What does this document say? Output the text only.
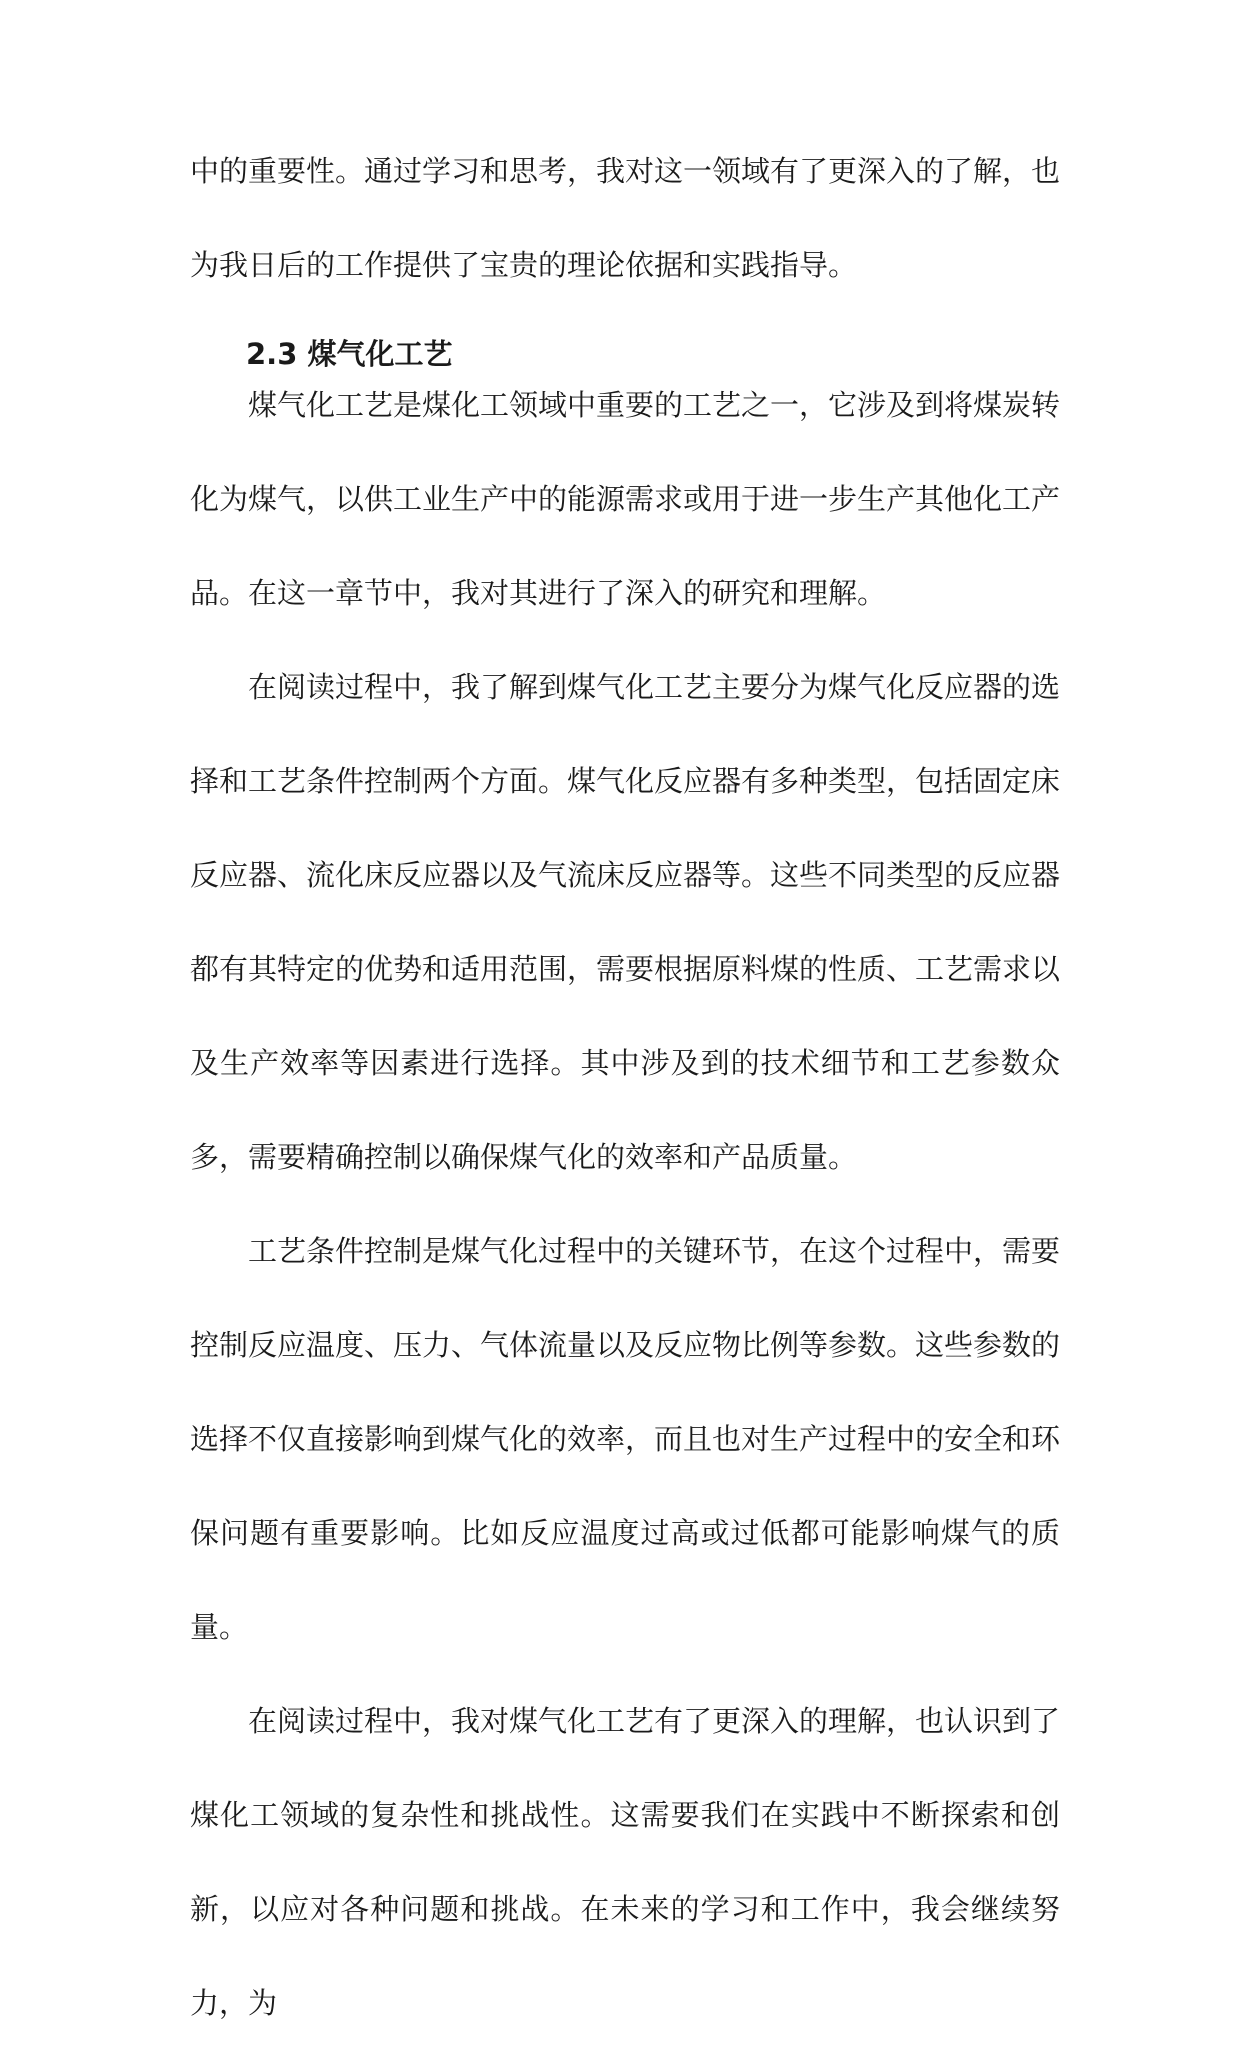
中的重要性。通过学习和思考，我对这一领域有了更深入的了解，也为我日后的工作提供了宝贵的理论依据和实践指导。

2.3 煤气化工艺

煤气化工艺是煤化工领域中重要的工艺之一，它涉及到将煤炭转化为煤气，以供工业生产中的能源需求或用于进一步生产其他化工产品。在这一章节中，我对其进行了深入的研究和理解。

在阅读过程中，我了解到煤气化工艺主要分为煤气化反应器的选择和工艺条件控制两个方面。煤气化反应器有多种类型，包括固定床反应器、流化床反应器以及气流床反应器等。这些不同类型的反应器都有其特定的优势和适用范围，需要根据原料煤的性质、工艺需求以及生产效率等因素进行选择。其中涉及到的技术细节和工艺参数众多，需要精确控制以确保煤气化的效率和产品质量。

工艺条件控制是煤气化过程中的关键环节，在这个过程中，需要控制反应温度、压力、气体流量以及反应物比例等参数。这些参数的选择不仅直接影响到煤气化的效率，而且也对生产过程中的安全和环保问题有重要影响。比如反应温度过高或过低都可能影响煤气的质量。

在阅读过程中，我对煤气化工艺有了更深入的理解，也认识到了煤化工领域的复杂性和挑战性。这需要我们在实践中不断探索和创新，以应对各种问题和挑战。在未来的学习和工作中，我会继续努力，为
